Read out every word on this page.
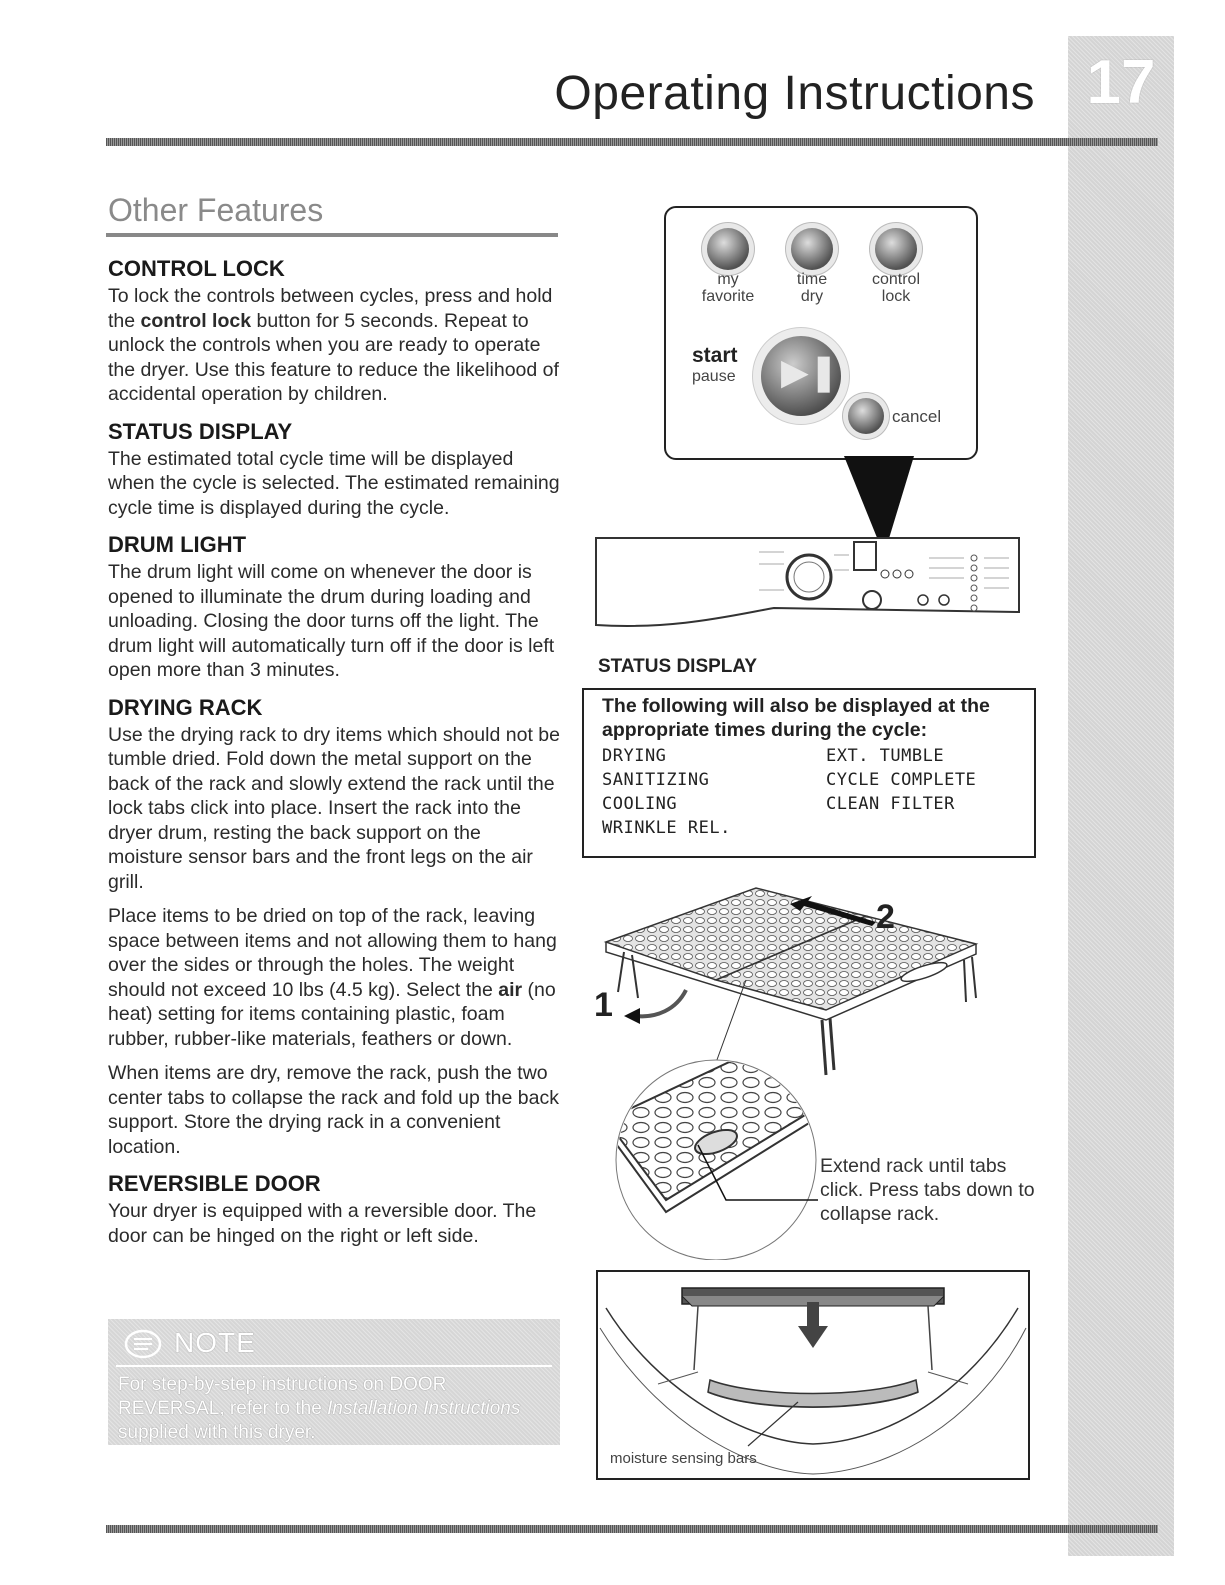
17
Operating Instructions
Other Features
CONTROL LOCK

To lock the controls between cycles, press and hold the control lock button for 5 seconds. Repeat to unlock the controls when you are ready to operate the dryer. Use this feature to reduce the likelihood of accidental operation by children.

STATUS DISPLAY

The estimated total cycle time will be displayed when the cycle is selected. The estimated remaining cycle time is displayed during the cycle.

DRUM LIGHT

The drum light will come on whenever the door is opened to illuminate the drum during loading and unloading. Closing the door turns off the light. The drum light will automatically turn off if the door is left open more than 3 minutes.

DRYING RACK

Use the drying rack to dry items which should not be tumble dried. Fold down the metal support on the back of the rack and slowly extend the rack until the lock tabs click into place. Insert the rack into the dryer drum, resting the back support on the moisture sensor bars and the front legs on the air grill.

Place items to be dried on top of the rack, leaving space between items and not allowing them to hang over the sides or through the holes. The weight should not exceed 10 lbs (4.5 kg). Select the air (no heat) setting for items containing plastic, foam rubber, rubber-like materials, feathers or down.

When items are dry, remove the rack, push the two center tabs to collapse the rack and fold up the back support. Store the drying rack in a convenient location.

REVERSIBLE DOOR

Your dryer is equipped with a reversible door. The door can be hinged on the right or left side.

NOTE
For step-by-step instructions on DOOR REVERSAL, refer to the Installation Instructions supplied with this dryer.
my
favorite
time
dry
control
lock
start
pause ▶❚
cancel
STATUS DISPLAY
The following will also be displayed at the appropriate times during the cycle:
DRYING
SANITIZING
COOLING
WRINKLE REL.
EXT. TUMBLE
CYCLE COMPLETE
CLEAN FILTER
1
2
Extend rack until tabs click. Press tabs down to collapse rack.
moisture sensing bars
